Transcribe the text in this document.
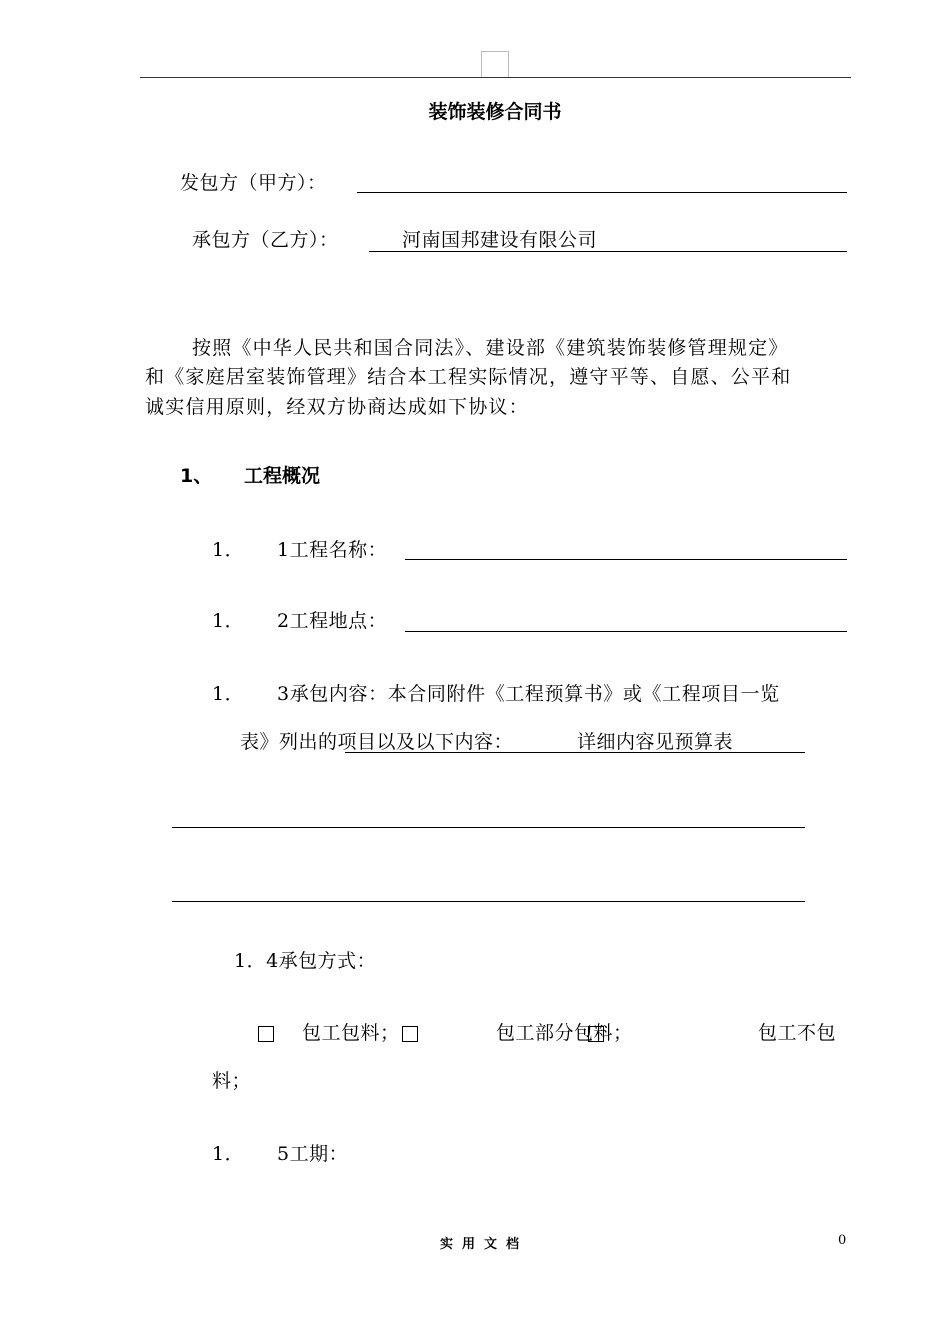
装饰装修合同书
发包方（甲方）：
承包方（乙方）：	河南国邦建设有限公司
按照《中华人民共和国合同法》、建设部《建筑装饰装修管理规定》
和《家庭居室装饰管理》结合本工程实际情况，遵守平等、自愿、公平和
诚实信用原则，经双方协商达成如下协议：
1、 工程概况
1． 1工程名称：
1． 2工程地点：
1． 3承包内容：本合同附件《工程预算书》或《工程项目一览
表》列出的项目以及以下内容：	详细内容见预算表
1．4承包方式：
包工包料；	包工部分包料；	包工不包
料；
1． 5工期：
实用文档	0
